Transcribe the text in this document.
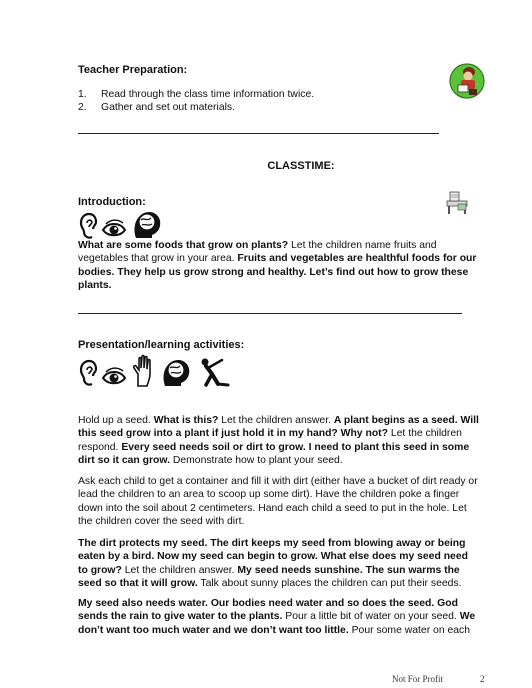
Teacher Preparation:
1. Read through the class time information twice.
2. Gather and set out materials.
CLASSTIME:
Introduction:

What are some foods that grow on plants? Let the children name fruits and vegetables that grow in your area. Fruits and vegetables are healthful foods for our bodies. They help us grow strong and healthy. Let’s find out how to grow these plants.

Presentation/learning activities:

Hold up a seed. What is this? Let the children answer. A plant begins as a seed. Will this seed grow into a plant if just hold it in my hand? Why not? Let the children respond. Every seed needs soil or dirt to grow. I need to plant this seed in some dirt so it can grow. Demonstrate how to plant your seed.

Ask each child to get a container and fill it with dirt (either have a bucket of dirt ready or lead the children to an area to scoop up some dirt). Have the children poke a finger down into the soil about 2 centimeters. Hand each child a seed to put in the hole. Let the children cover the seed with dirt.

The dirt protects my seed. The dirt keeps my seed from blowing away or being eaten by a bird. Now my seed can begin to grow. What else does my seed need to grow? Let the children answer. My seed needs sunshine. The sun warms the seed so that it will grow. Talk about sunny places the children can put their seeds.

My seed also needs water. Our bodies need water and so does the seed. God sends the rain to give water to the plants. Pour a little bit of water on your seed. We don’t want too much water and we don’t want too little. Pour some water on each

Not For Profit	2
